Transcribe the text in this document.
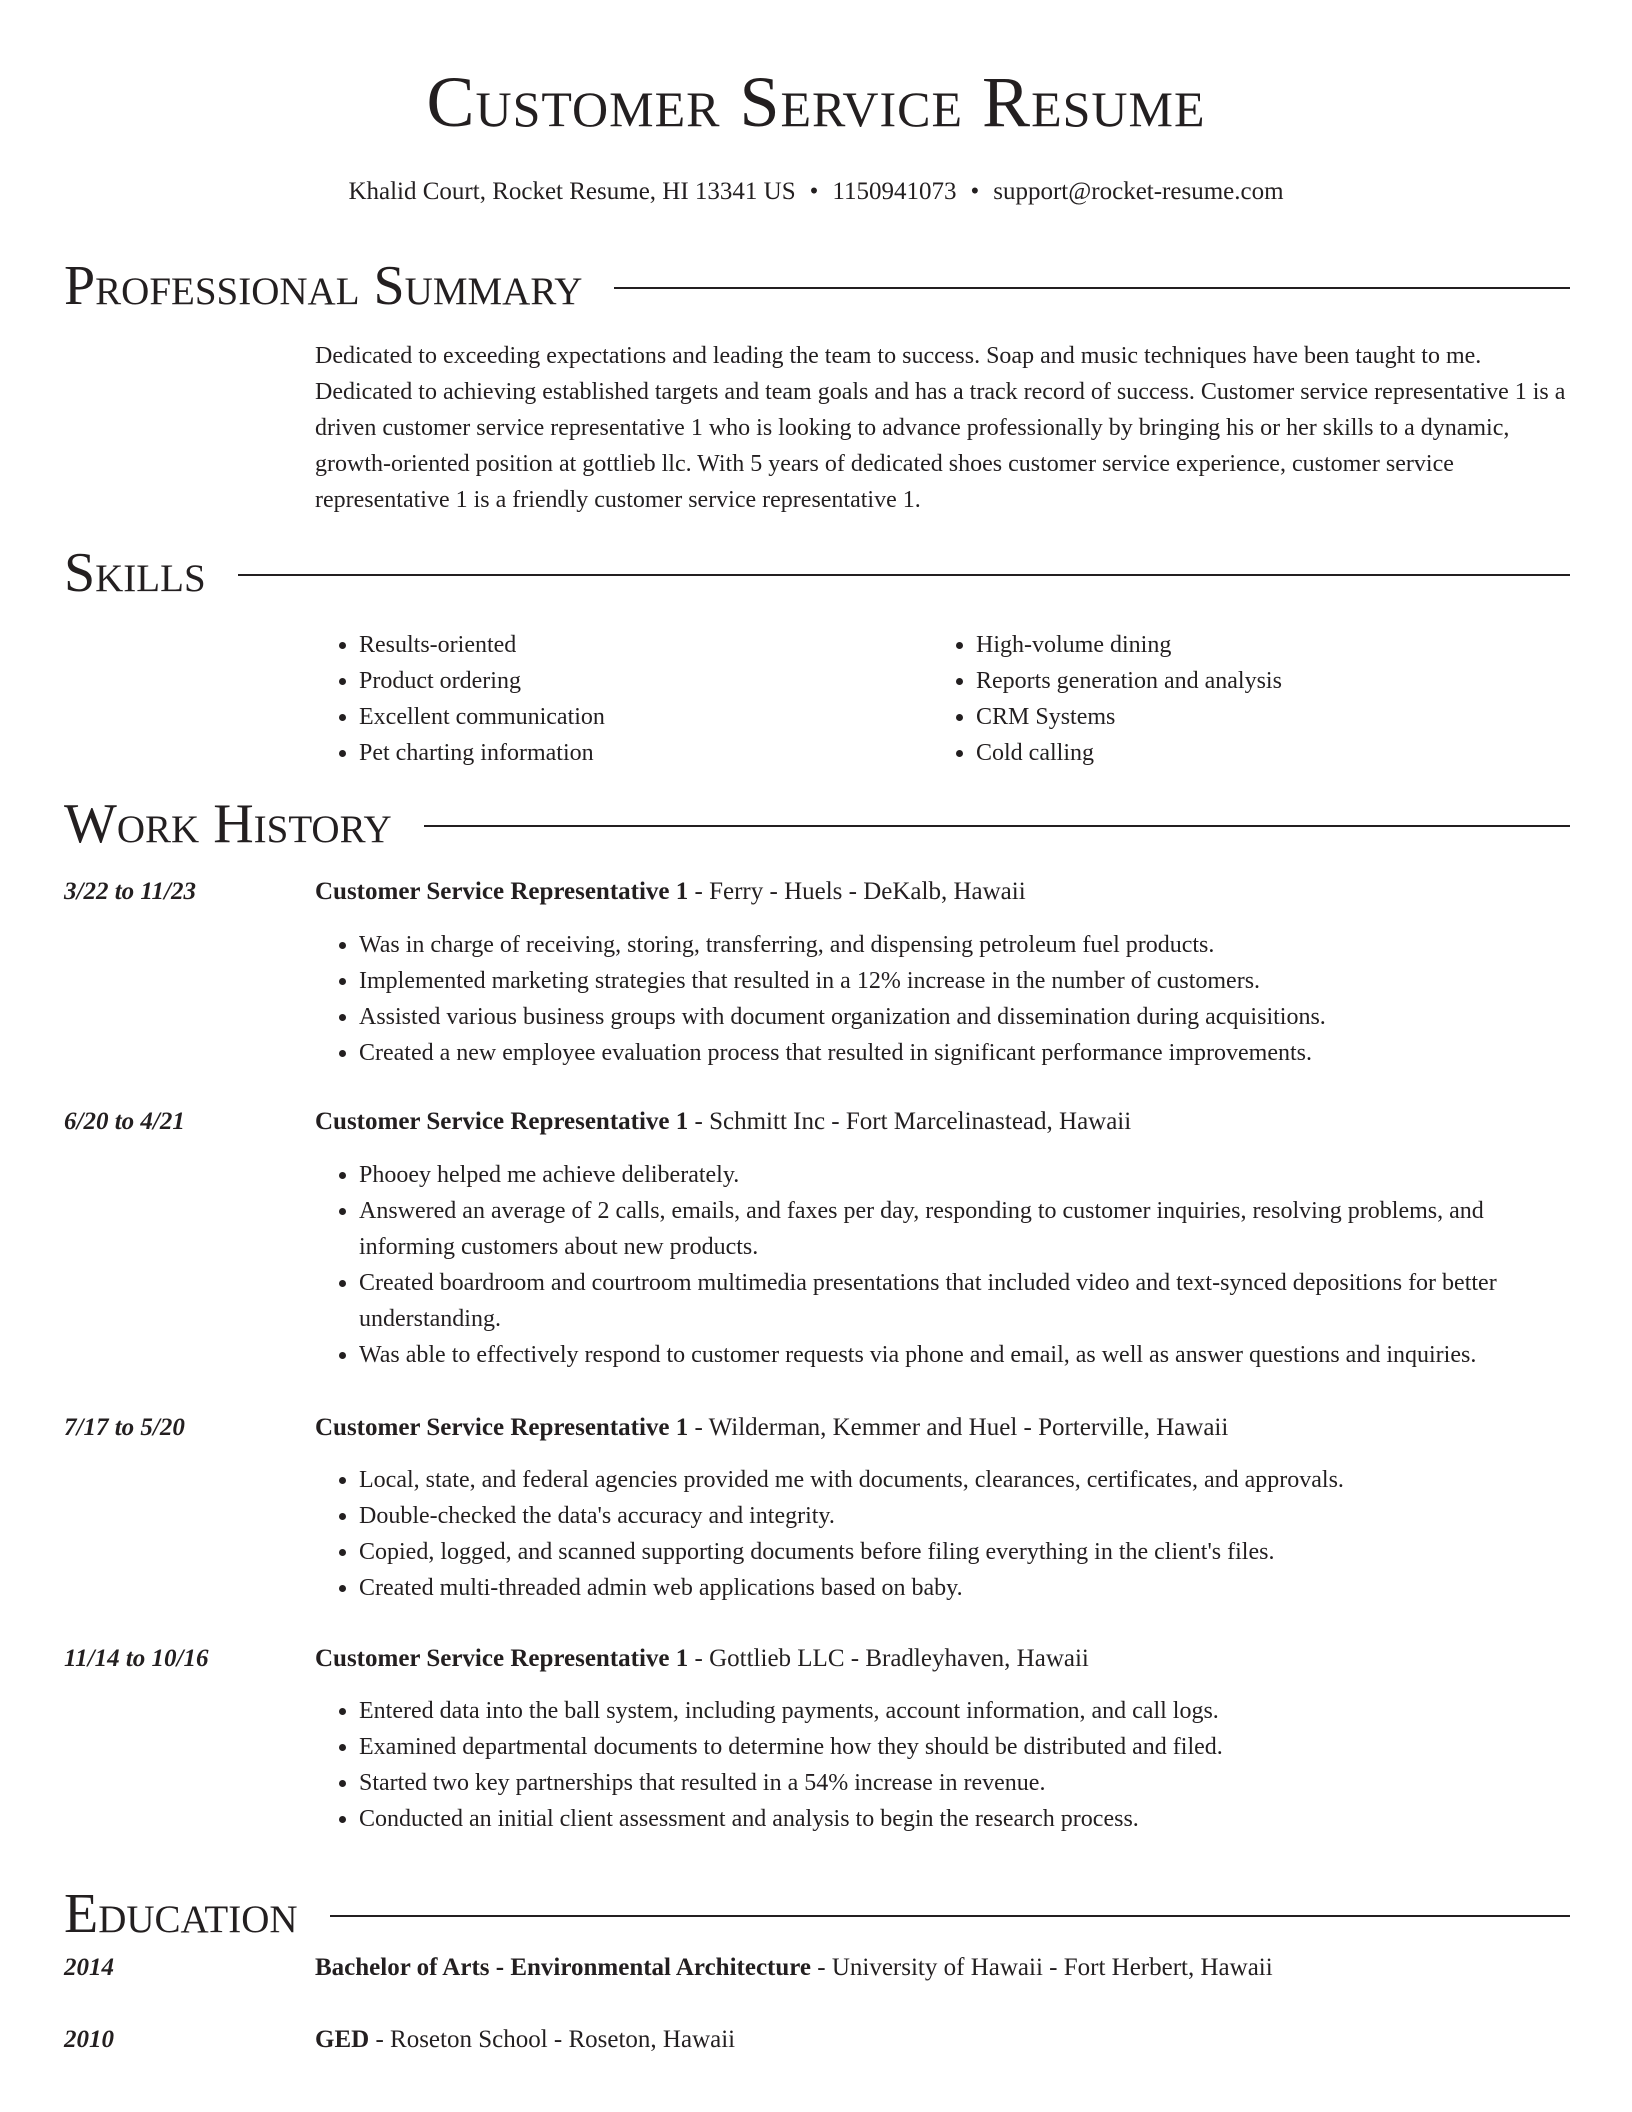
Customer Service Resume
Khalid Court, Rocket Resume, HI 13341 US • 1150941073 • support@rocket-resume.com
Professional Summary

Dedicated to exceeding expectations and leading the team to success. Soap and music techniques have been taught to me. Dedicated to achieving established targets and team goals and has a track record of success. Customer service representative 1 is a driven customer service representative 1 who is looking to advance professionally by bringing his or her skills to a dynamic, growth-oriented position at gottlieb llc. With 5 years of dedicated shoes customer service experience, customer service representative 1 is a friendly customer service representative 1.

Skills
• Results-oriented
• Product ordering
• Excellent communication
• Pet charting information
• High-volume dining
• Reports generation and analysis
• CRM Systems
• Cold calling
Work History
3/22 to 11/23	Customer Service Representative 1 - Ferry - Huels - DeKalb, Hawaii
• Was in charge of receiving, storing, transferring, and dispensing petroleum fuel products.
• Implemented marketing strategies that resulted in a 12% increase in the number of customers.
• Assisted various business groups with document organization and dissemination during acquisitions.
• Created a new employee evaluation process that resulted in significant performance improvements.
6/20 to 4/21	Customer Service Representative 1 - Schmitt Inc - Fort Marcelinastead, Hawaii
• Phooey helped me achieve deliberately.
• Answered an average of 2 calls, emails, and faxes per day, responding to customer inquiries, resolving problems, and informing customers about new products.
• Created boardroom and courtroom multimedia presentations that included video and text-synced depositions for better understanding.
• Was able to effectively respond to customer requests via phone and email, as well as answer questions and inquiries.
7/17 to 5/20	Customer Service Representative 1 - Wilderman, Kemmer and Huel - Porterville, Hawaii
• Local, state, and federal agencies provided me with documents, clearances, certificates, and approvals.
• Double-checked the data's accuracy and integrity.
• Copied, logged, and scanned supporting documents before filing everything in the client's files.
• Created multi-threaded admin web applications based on baby.
11/14 to 10/16	Customer Service Representative 1 - Gottlieb LLC - Bradleyhaven, Hawaii
• Entered data into the ball system, including payments, account information, and call logs.
• Examined departmental documents to determine how they should be distributed and filed.
• Started two key partnerships that resulted in a 54% increase in revenue.
• Conducted an initial client assessment and analysis to begin the research process.
Education
2014	Bachelor of Arts - Environmental Architecture - University of Hawaii - Fort Herbert, Hawaii
2010	GED - Roseton School - Roseton, Hawaii
